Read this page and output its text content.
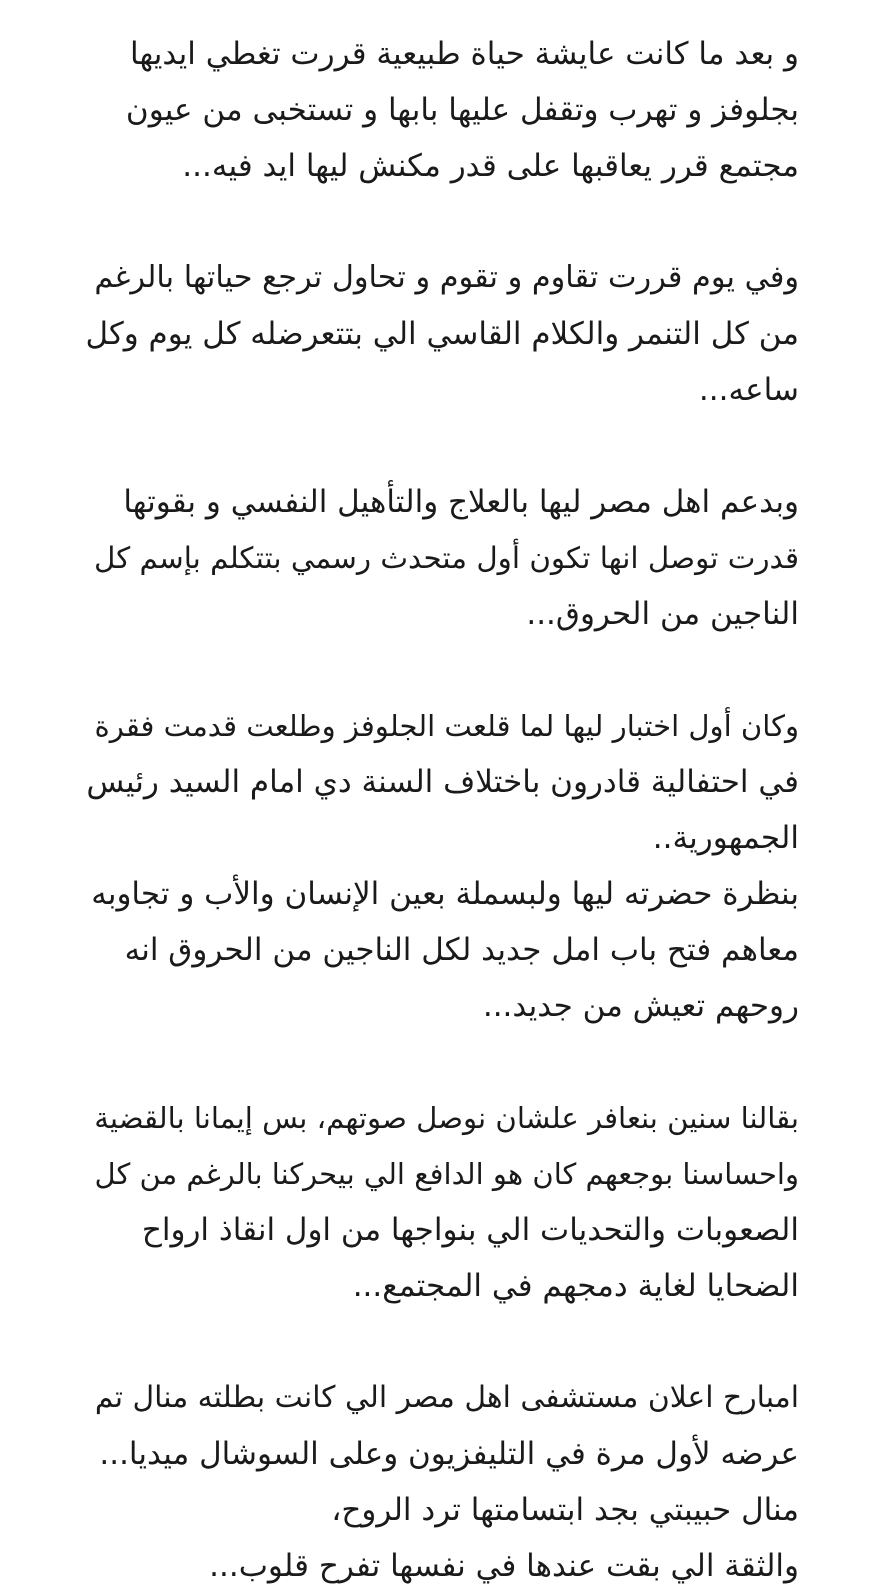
و بعد ما كانت عايشة حياة طبيعية قررت تغطي ايديها
بجلوفز و تهرب وتقفل عليها بابها و تستخبى من عيون
مجتمع قرر يعاقبها على قدر مكنش ليها ايد فيه...
وفي يوم قررت تقاوم و تقوم و تحاول ترجع حياتها بالرغم
من كل التنمر والكلام القاسي الي بتتعرضله كل يوم وكل
ساعه...
وبدعم اهل مصر ليها بالعلاج والتأهيل النفسي و بقوتها
قدرت توصل انها تكون أول متحدث رسمي بتتكلم بإسم كل
الناجين من الحروق...
وكان أول اختبار ليها لما قلعت الجلوفز وطلعت قدمت فقرة
في احتفالية قادرون باختلاف السنة دي امام السيد رئيس
الجمهورية..
بنظرة حضرته ليها ولبسملة بعين الإنسان والأب و تجاوبه
معاهم فتح باب امل جديد لكل الناجين من الحروق انه
روحهم تعيش من جديد...
بقالنا سنين بنعافر علشان نوصل صوتهم، بس إيمانا بالقضية
واحساسنا بوجعهم كان هو الدافع الي بيحركنا بالرغم من كل
الصعوبات والتحديات الي بنواجها من اول انقاذ ارواح
الضحايا لغاية دمجهم في المجتمع...
امبارح اعلان مستشفى اهل مصر الي كانت بطلته منال تم
عرضه لأول مرة في التليفزيون وعلى السوشال ميديا...
منال حبيبتي بجد ابتسامتها ترد الروح،
والثقة الي بقت عندها في نفسها تفرح قلوب...
